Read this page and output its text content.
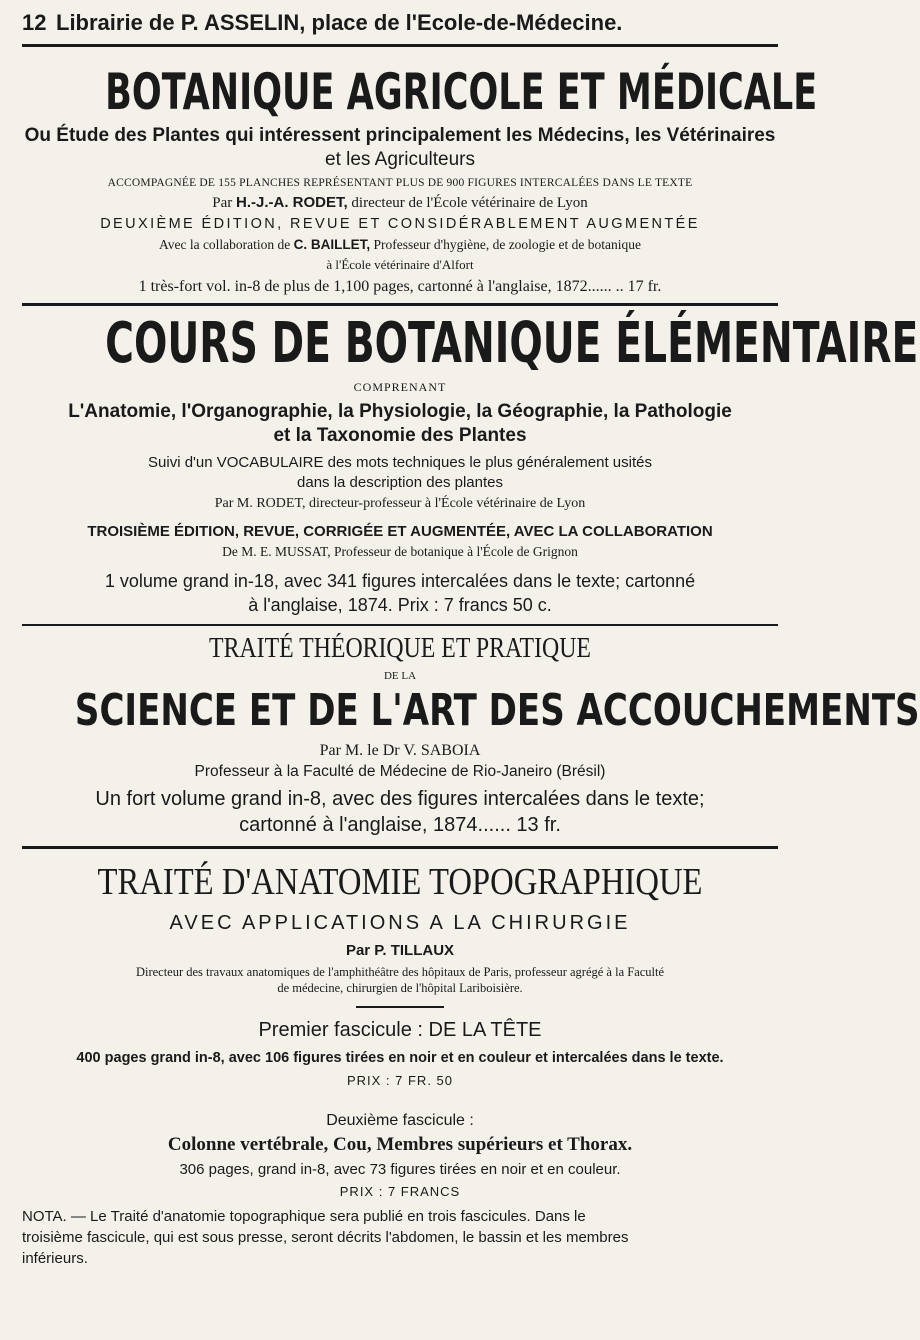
12 Librairie de P. ASSELIN, place de l'Ecole-de-Médecine.
BOTANIQUE AGRICOLE ET MÉDICALE
Ou Étude des Plantes qui intéressent principalement les Médecins, les Vétérinaires
et les Agriculteurs
ACCOMPAGNÉE DE 155 PLANCHES REPRÉSENTANT PLUS DE 900 FIGURES INTERCALÉES DANS LE TEXTE
Par H.-J.-A. RODET, directeur de l'École vétérinaire de Lyon
DEUXIÈME ÉDITION, REVUE ET CONSIDÉRABLEMENT AUGMENTÉE
Avec la collaboration de C. BAILLET, Professeur d'hygiène, de zoologie et de botanique
à l'École vétérinaire d'Alfort
1 très-fort vol. in-8 de plus de 1,100 pages, cartonné à l'anglaise, 1872...... .. 17 fr.
COURS DE BOTANIQUE ÉLÉMENTAIRE
COMPRENANT
L'Anatomie, l'Organographie, la Physiologie, la Géographie, la Pathologie
et la Taxonomie des Plantes
Suivi d'un VOCABULAIRE des mots techniques le plus généralement usités
dans la description des plantes
Par M. RODET, directeur-professeur à l'École vétérinaire de Lyon
TROISIÈME ÉDITION, REVUE, CORRIGÉE ET AUGMENTÉE, AVEC LA COLLABORATION
De M. E. MUSSAT, Professeur de botanique à l'École de Grignon
1 volume grand in-18, avec 341 figures intercalées dans le texte; cartonné
à l'anglaise, 1874. Prix : 7 francs 50 c.
TRAITÉ THÉORIQUE ET PRATIQUE
DE LA
SCIENCE ET DE L'ART DES ACCOUCHEMENTS
Par M. le Dr V. SABOIA
Professeur à la Faculté de Médecine de Rio-Janeiro (Brésil)
Un fort volume grand in-8, avec des figures intercalées dans le texte;
cartonné à l'anglaise, 1874...... 13 fr.
TRAITÉ D'ANATOMIE TOPOGRAPHIQUE
AVEC APPLICATIONS A LA CHIRURGIE
Par P. TILLAUX
Directeur des travaux anatomiques de l'amphithéâtre des hôpitaux de Paris, professeur agrégé à la Faculté
de médecine, chirurgien de l'hôpital Lariboisière.
Premier fascicule : DE LA TÊTE
400 pages grand in-8, avec 106 figures tirées en noir et en couleur et intercalées dans le texte.
PRIX : 7 FR. 50
Deuxième fascicule :
Colonne vertébrale, Cou, Membres supérieurs et Thorax.
306 pages, grand in-8, avec 73 figures tirées en noir et en couleur.
PRIX : 7 FRANCS
NOTA. — Le Traité d'anatomie topographique sera publié en trois fascicules. Dans le
troisième fascicule, qui est sous presse, seront décrits l'abdomen, le bassin et les membres
inférieurs.
